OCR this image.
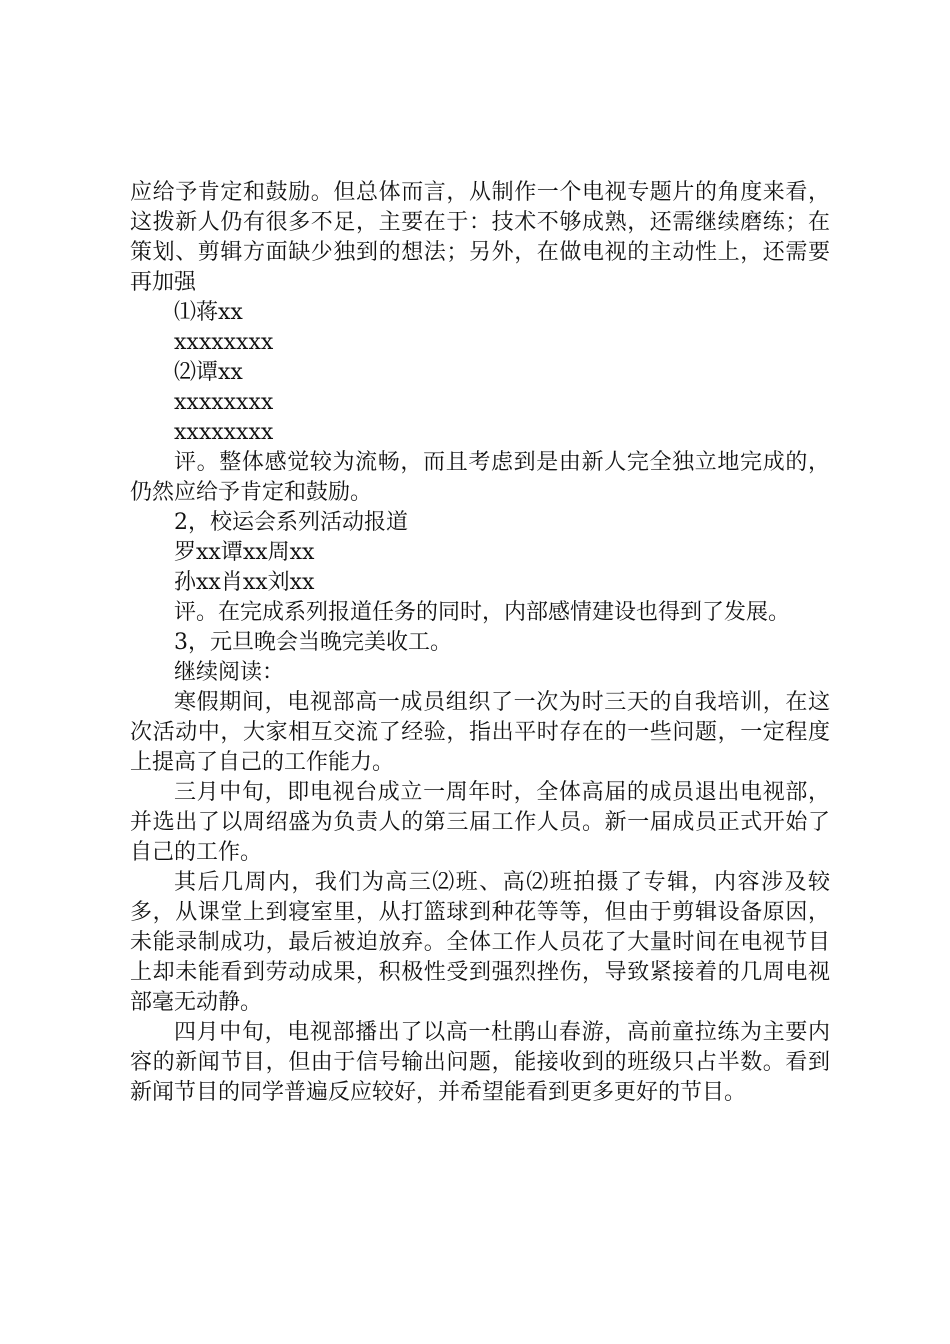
应给予肯定和鼓励。但总体而言，从制作一个电视专题片的角度来看，这拨新人仍有很多不足，主要在于：技术不够成熟，还需继续磨练；在策划、剪辑方面缺少独到的想法；另外，在做电视的主动性上，还需要再加强

⑴蒋xx

xxxxxxxx

⑵谭xx

xxxxxxxx

xxxxxxxx

评。整体感觉较为流畅，而且考虑到是由新人完全独立地完成的，仍然应给予肯定和鼓励。

2，校运会系列活动报道

罗xx谭xx周xx

孙xx肖xx刘xx

评。在完成系列报道任务的同时，内部感情建设也得到了发展。

3，元旦晚会当晚完美收工。

继续阅读：

寒假期间，电视部高一成员组织了一次为时三天的自我培训，在这次活动中，大家相互交流了经验，指出平时存在的一些问题，一定程度上提高了自己的工作能力。

三月中旬，即电视台成立一周年时，全体高届的成员退出电视部，并选出了以周绍盛为负责人的第三届工作人员。新一届成员正式开始了自己的工作。

其后几周内，我们为高三⑵班、高⑵班拍摄了专辑，内容涉及较多，从课堂上到寝室里，从打篮球到种花等等，但由于剪辑设备原因，未能录制成功，最后被迫放弃。全体工作人员花了大量时间在电视节目上却未能看到劳动成果，积极性受到强烈挫伤，导致紧接着的几周电视部毫无动静。

四月中旬，电视部播出了以高一杜鹃山春游，高前童拉练为主要内容的新闻节目，但由于信号输出问题，能接收到的班级只占半数。看到新闻节目的同学普遍反应较好，并希望能看到更多更好的节目。
